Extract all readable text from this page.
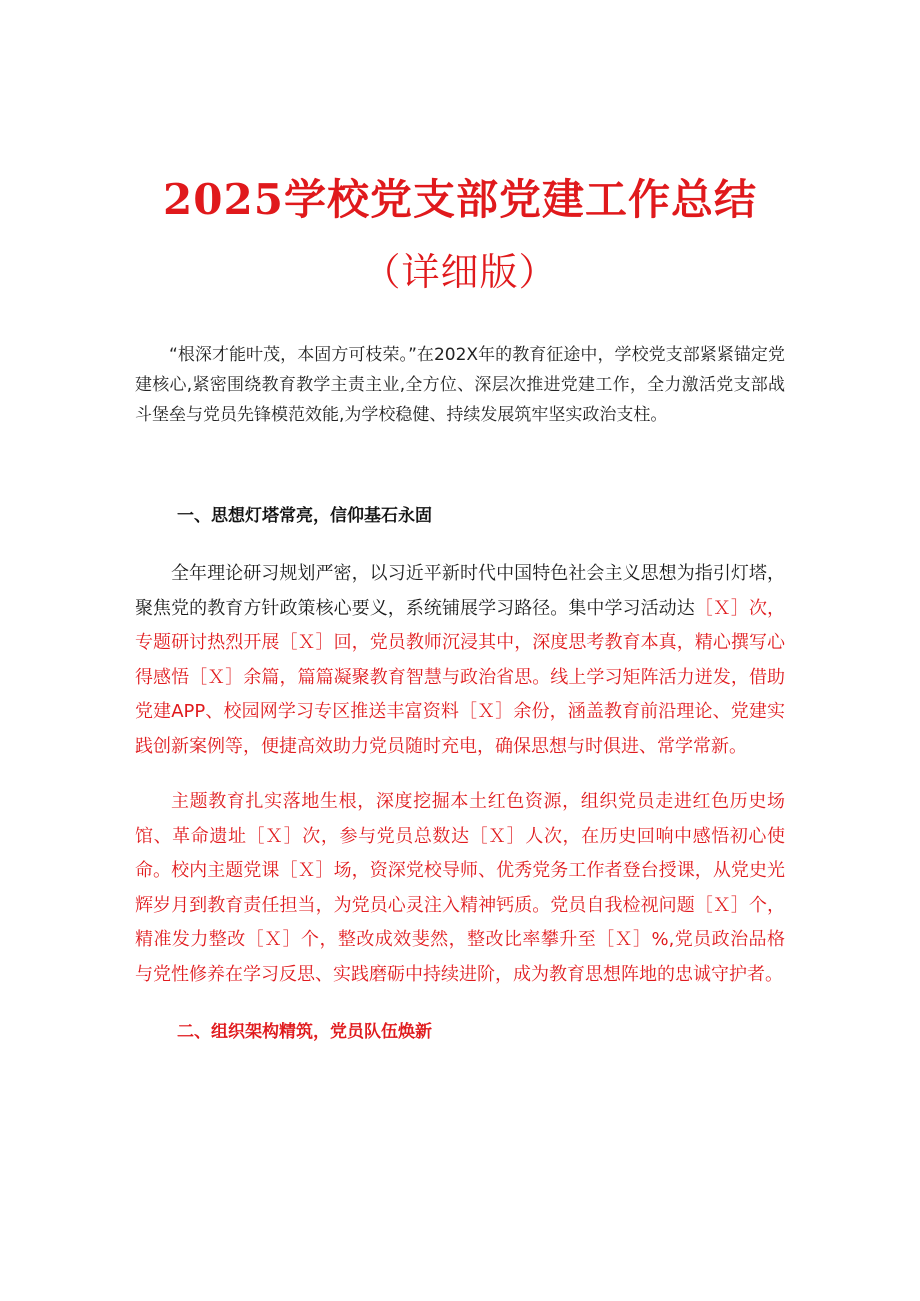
2025学校党支部党建工作总结
（详细版）

“根深才能叶茂，本固方可枝荣。”在202X年的教育征途中，学校党支部紧紧锚定党建核心,紧密围绕教育教学主责主业,全方位、深层次推进党建工作，全力激活党支部战斗堡垒与党员先锋模范效能,为学校稳健、持续发展筑牢坚实政治支柱。

一、思想灯塔常亮，信仰基石永固

全年理论研习规划严密，以习近平新时代中国特色社会主义思想为指引灯塔，聚焦党的教育方针政策核心要义，系统铺展学习路径。集中学习活动达［Ｘ］次，专题研讨热烈开展［Ｘ］回，党员教师沉浸其中，深度思考教育本真，精心撰写心得感悟［Ｘ］余篇，篇篇凝聚教育智慧与政治省思。线上学习矩阵活力迸发，借助党建APP、校园网学习专区推送丰富资料［Ｘ］余份，涵盖教育前沿理论、党建实践创新案例等，便捷高效助力党员随时充电，确保思想与时俱进、常学常新。

主题教育扎实落地生根，深度挖掘本土红色资源，组织党员走进红色历史场馆、革命遗址［Ｘ］次，参与党员总数达［Ｘ］人次，在历史回响中感悟初心使命。校内主题党课［Ｘ］场，资深党校导师、优秀党务工作者登台授课，从党史光辉岁月到教育责任担当，为党员心灵注入精神钙质。党员自我检视问题［Ｘ］个，精准发力整改［Ｘ］个，整改成效斐然，整改比率攀升至［Ｘ］%,党员政治品格与党性修养在学习反思、实践磨砺中持续进阶，成为教育思想阵地的忠诚守护者。

二、组织架构精筑，党员队伍焕新
